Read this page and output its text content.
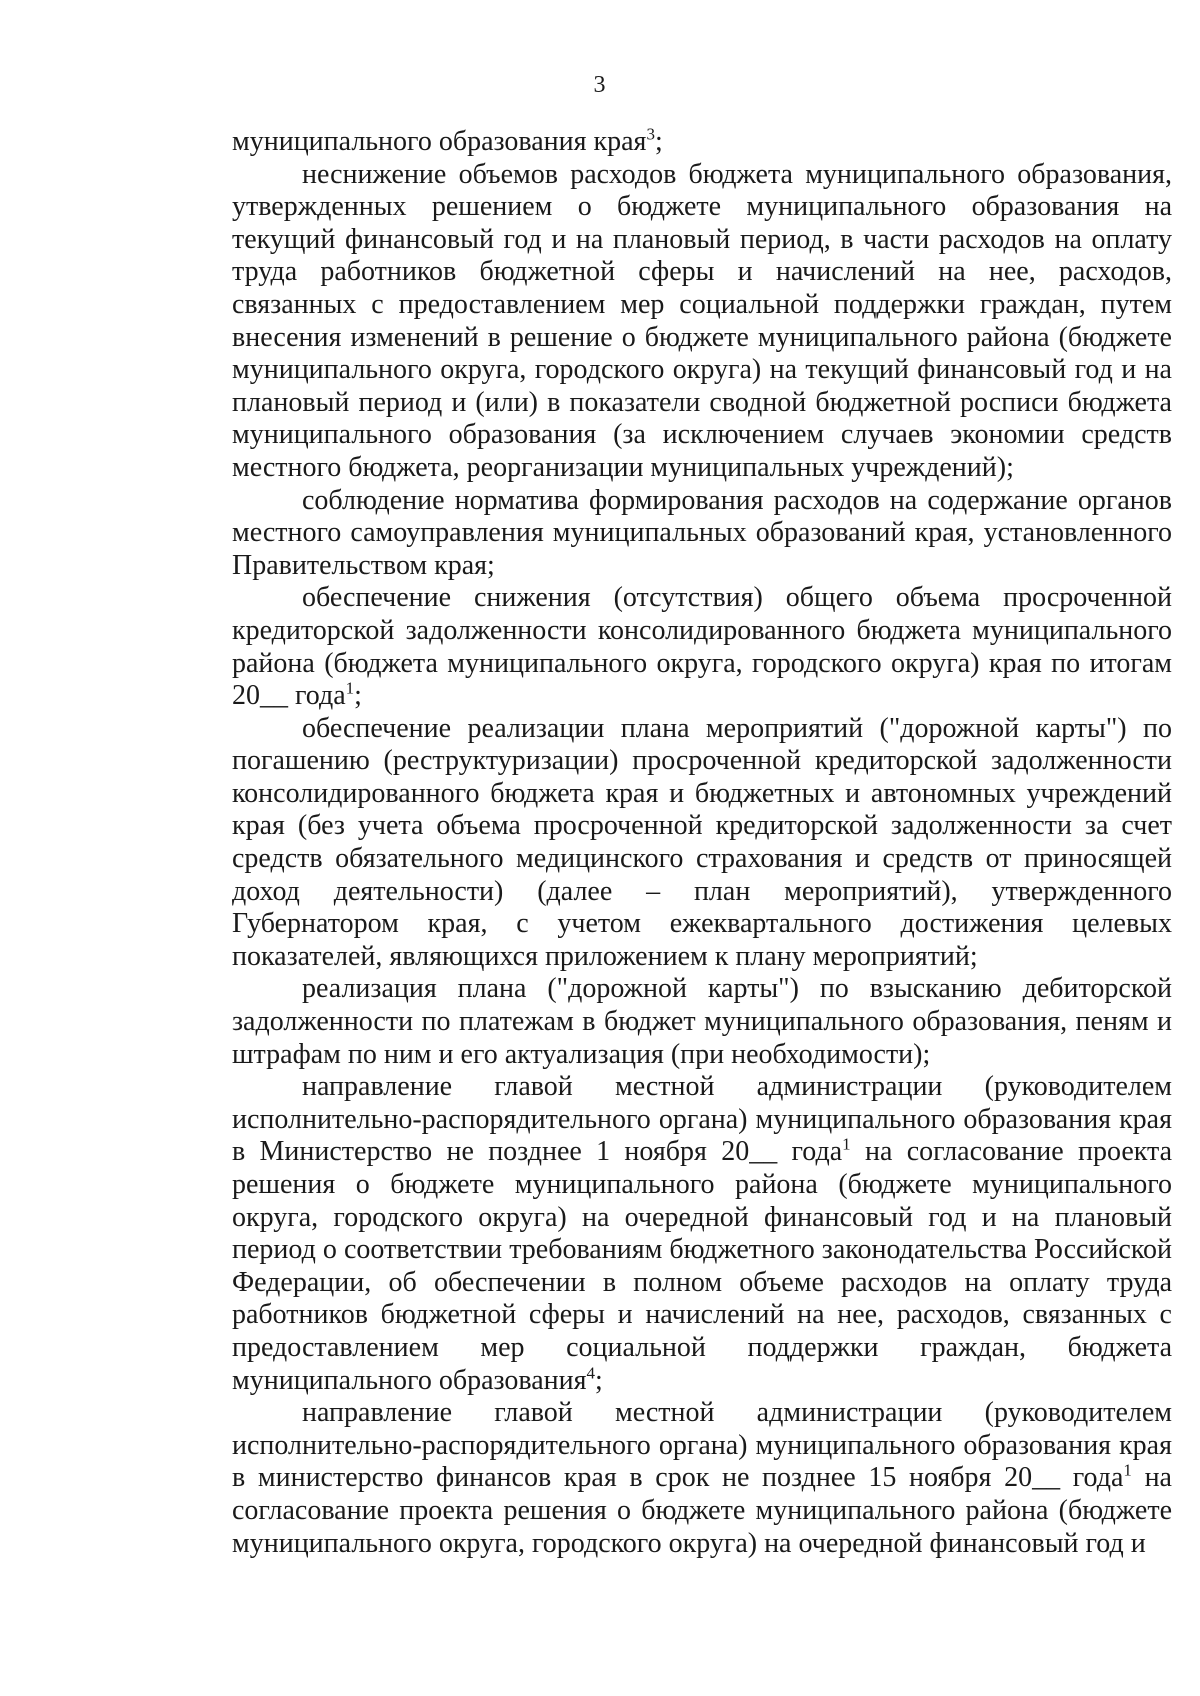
3

муниципального образования края$^3$;

неснижение объемов расходов бюджета муниципального образования, утвержденных решением о бюджете муниципального образования на текущий финансовый год и на плановый период, в части расходов на оплату труда работников бюджетной сферы и начислений на нее, расходов, связанных с предоставлением мер социальной поддержки граждан, путем внесения изменений в решение о бюджете муниципального района (бюджете муниципального округа, городского округа) на текущий финансовый год и на плановый период и (или) в показатели сводной бюджетной росписи бюджета муниципального образования (за исключением случаев экономии средств местного бюджета, реорганизации муниципальных учреждений);

соблюдение норматива формирования расходов на содержание органов местного самоуправления муниципальных образований края, установленного Правительством края;

обеспечение снижения (отсутствия) общего объема просроченной кредиторской задолженности консолидированного бюджета муниципального района (бюджета муниципального округа, городского округа) края по итогам 20__ года$^1$;

обеспечение реализации плана мероприятий ("дорожной карты") по погашению (реструктуризации) просроченной кредиторской задолженности консолидированного бюджета края и бюджетных и автономных учреждений края (без учета объема просроченной кредиторской задолженности за счет средств обязательного медицинского страхования и средств от приносящей доход деятельности) (далее – план мероприятий), утвержденного Губернатором края, с учетом ежеквартального достижения целевых показателей, являющихся приложением к плану мероприятий;

реализация плана ("дорожной карты") по взысканию дебиторской задолженности по платежам в бюджет муниципального образования, пеням и штрафам по ним и его актуализация (при необходимости);

направление главой местной администрации (руководителем исполнительно-распорядительного органа) муниципального образования края в Министерство не позднее 1 ноября 20__ года$^1$ на согласование проекта решения о бюджете муниципального района (бюджете муниципального округа, городского округа) на очередной финансовый год и на плановый период о соответствии требованиям бюджетного законодательства Российской Федерации, об обеспечении в полном объеме расходов на оплату труда работников бюджетной сферы и начислений на нее, расходов, связанных с предоставлением мер социальной поддержки граждан, бюджета муниципального образования$^4$;

направление главой местной администрации (руководителем исполнительно-распорядительного органа) муниципального образования края в министерство финансов края в срок не позднее 15 ноября 20__ года$^1$ на согласование проекта решения о бюджете муниципального района (бюджете муниципального округа, городского округа) на очередной финансовый год и
